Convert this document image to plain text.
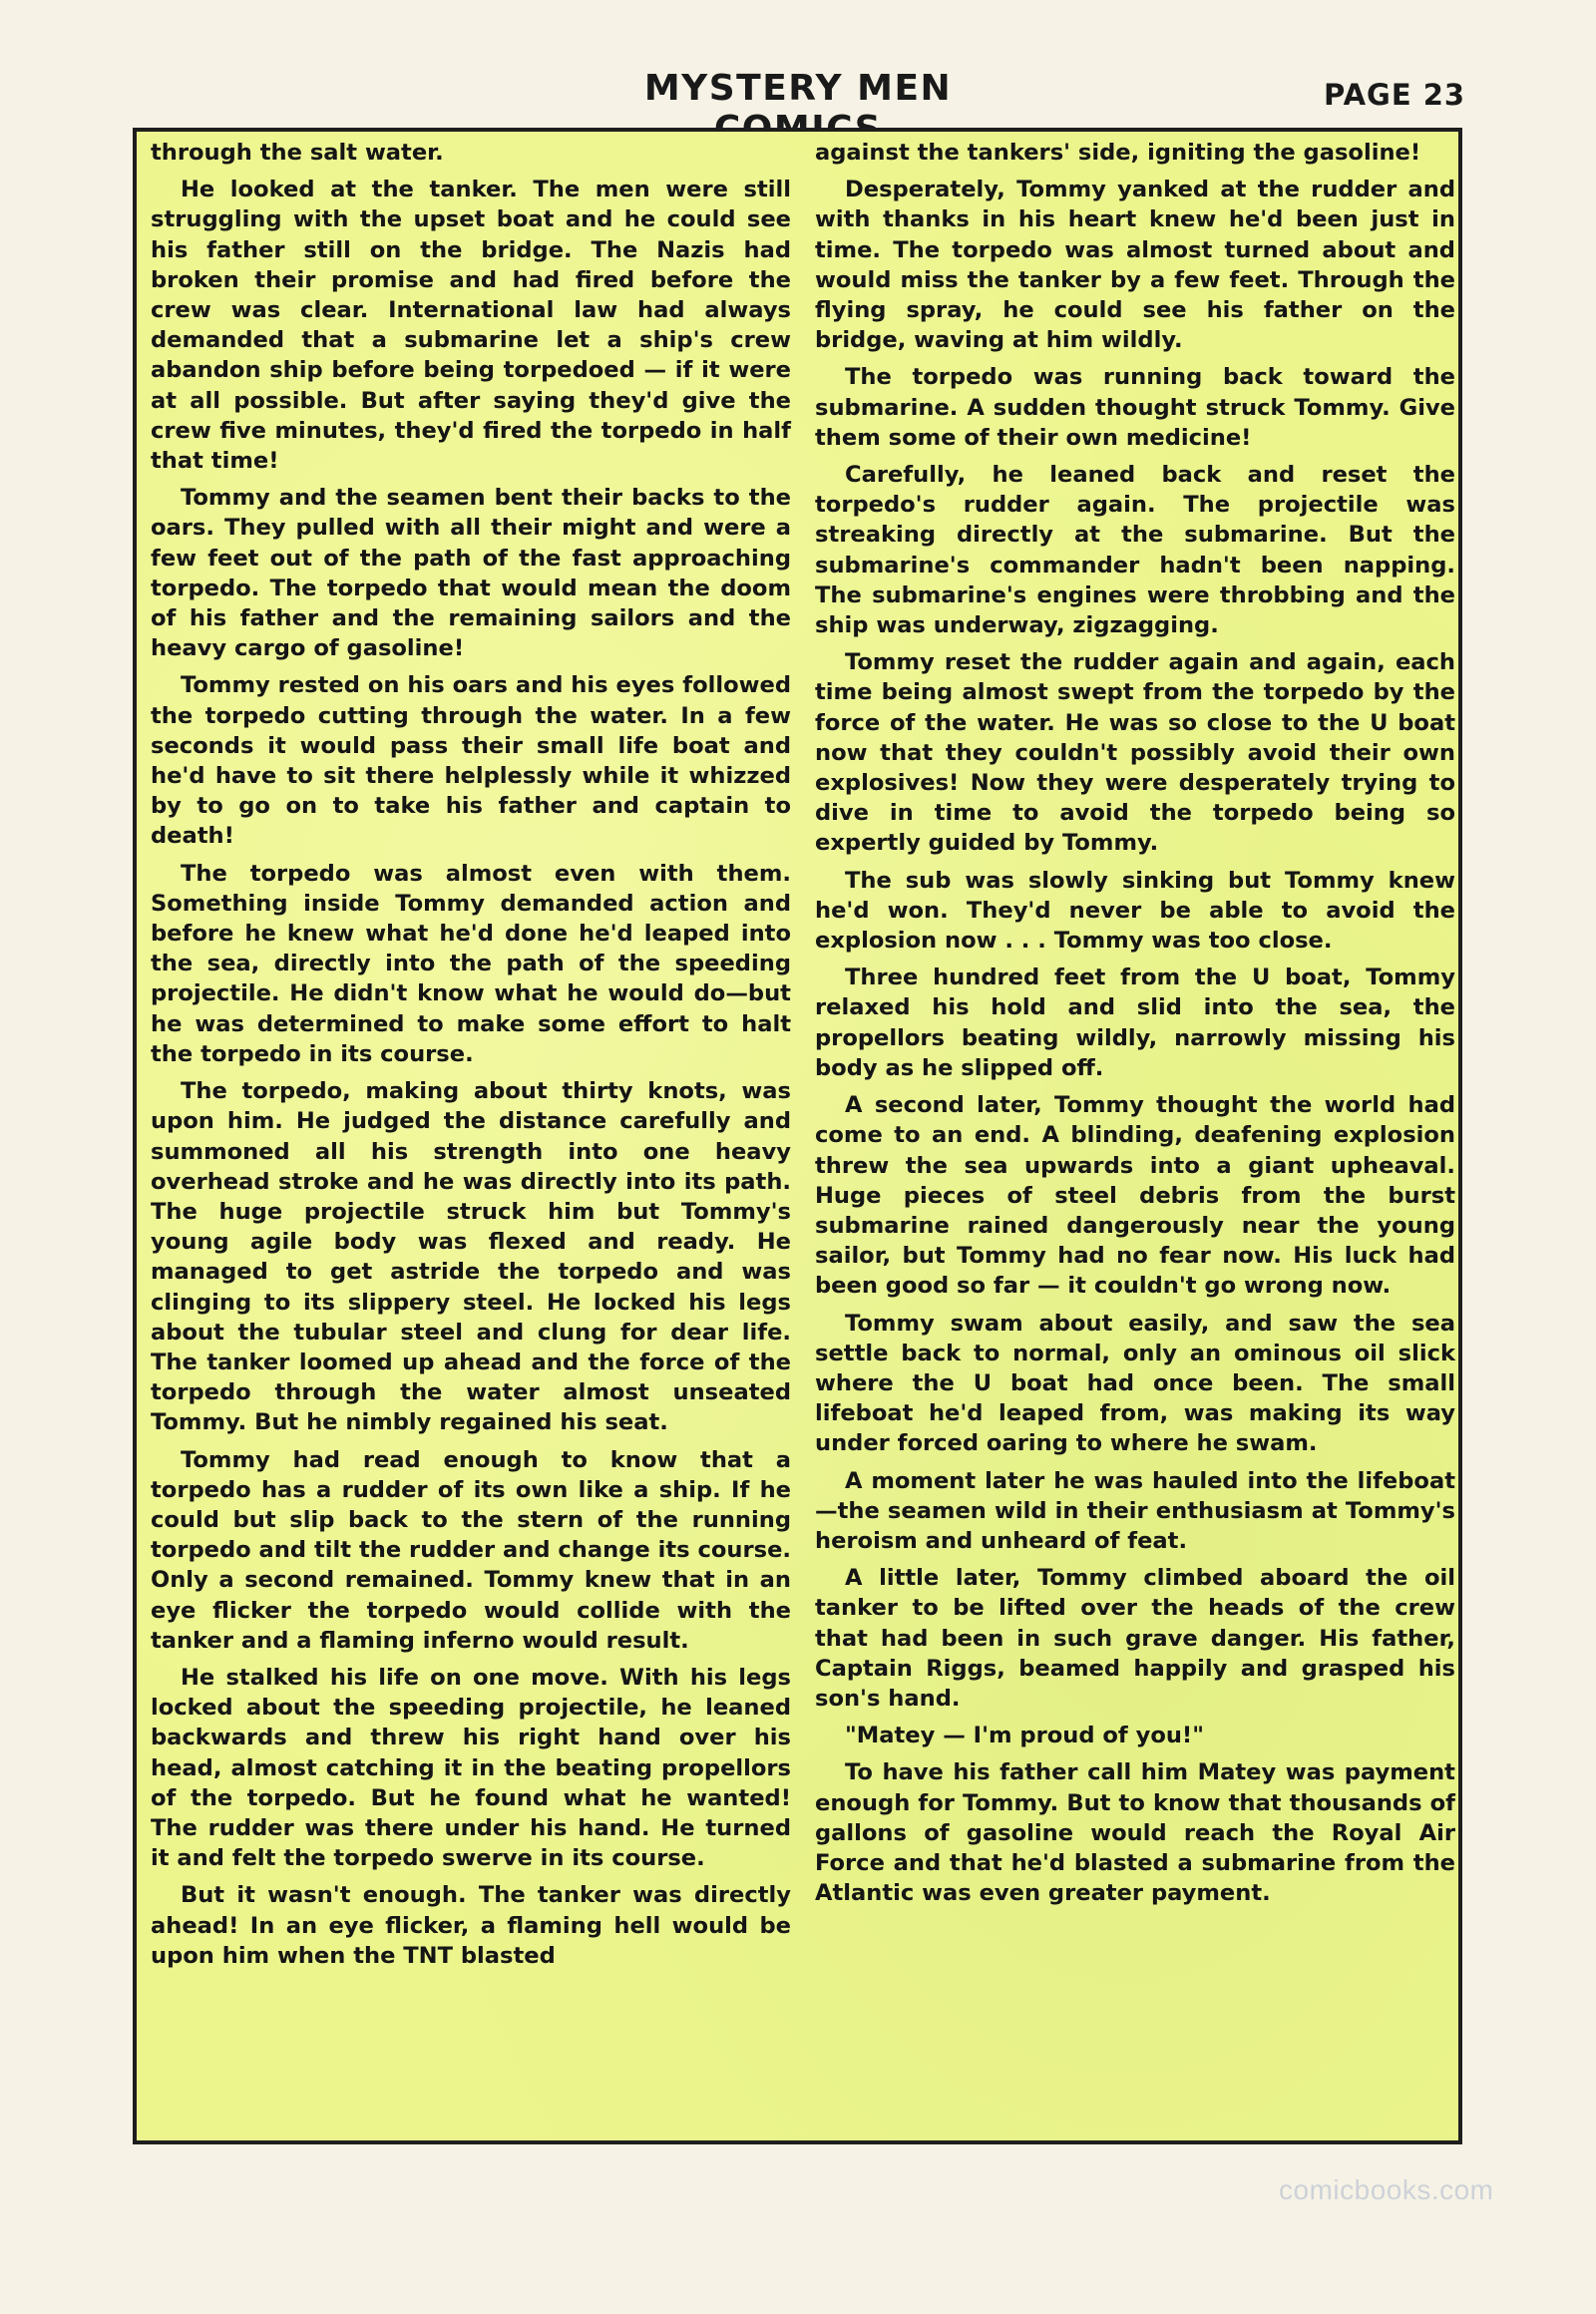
MYSTERY MEN	PAGE 23

through the salt water.

He looked at the tanker. The men were still struggling with the upset boat and he could see his father still on the bridge. The Nazis had broken their promise and had fired before the crew was clear. International law had always demanded that a submarine let a ship's crew abandon ship before being torpedoed — if it were at all possible. But after saying they'd give the crew five minutes, they'd fired the torpedo in half that time!

Tommy and the seamen bent their backs to the oars. They pulled with all their might and were a few feet out of the path of the fast approaching torpedo. The torpedo that would mean the doom of his father and the remaining sailors and the heavy cargo of gasoline!

Tommy rested on his oars and his eyes followed the torpedo cutting through the water. In a few seconds it would pass their small life boat and he'd have to sit there helplessly while it whizzed by to go on to take his father and captain to death!

The torpedo was almost even with them. Something inside Tommy demanded action and before he knew what he'd done he'd leaped into the sea, directly into the path of the speeding projectile. He didn't know what he would do—but he was determined to make some effort to halt the torpedo in its course.

The torpedo, making about thirty knots, was upon him. He judged the distance carefully and summoned all his strength into one heavy overhead stroke and he was directly into its path. The huge projectile struck him but Tommy's young agile body was flexed and ready. He managed to get astride the torpedo and was clinging to its slippery steel. He locked his legs about the tubular steel and clung for dear life. The tanker loomed up ahead and the force of the torpedo through the water almost unseated Tommy. But he nimbly regained his seat.

Tommy had read enough to know that a torpedo has a rudder of its own like a ship. If he could but slip back to the stern of the running torpedo and tilt the rudder and change its course. Only a second remained. Tommy knew that in an eye flicker the torpedo would collide with the tanker and a flaming inferno would result.

He stalked his life on one move. With his legs locked about the speeding projectile, he leaned backwards and threw his right hand over his head, almost catching it in the beating propellors of the torpedo. But he found what he wanted! The rudder was there under his hand. He turned it and felt the torpedo swerve in its course.

But it wasn't enough. The tanker was directly ahead! In an eye flicker, a flaming hell would be upon him when the TNT blasted

against the tankers' side, igniting the gasoline!

Desperately, Tommy yanked at the rudder and with thanks in his heart knew he'd been just in time. The torpedo was almost turned about and would miss the tanker by a few feet. Through the flying spray, he could see his father on the bridge, waving at him wildly.

The torpedo was running back toward the submarine. A sudden thought struck Tommy. Give them some of their own medicine!

Carefully, he leaned back and reset the torpedo's rudder again. The projectile was streaking directly at the submarine. But the submarine's commander hadn't been napping. The submarine's engines were throbbing and the ship was underway, zigzagging.

Tommy reset the rudder again and again, each time being almost swept from the torpedo by the force of the water. He was so close to the U boat now that they couldn't possibly avoid their own explosives! Now they were desperately trying to dive in time to avoid the torpedo being so expertly guided by Tommy.

The sub was slowly sinking but Tommy knew he'd won. They'd never be able to avoid the explosion now . . . Tommy was too close.

Three hundred feet from the U boat, Tommy relaxed his hold and slid into the sea, the propellors beating wildly, narrowly missing his body as he slipped off.

A second later, Tommy thought the world had come to an end. A blinding, deafening explosion threw the sea upwards into a giant upheaval. Huge pieces of steel debris from the burst submarine rained dangerously near the young sailor, but Tommy had no fear now. His luck had been good so far — it couldn't go wrong now.

Tommy swam about easily, and saw the sea settle back to normal, only an ominous oil slick where the U boat had once been. The small lifeboat he'd leaped from, was making its way under forced oaring to where he swam.

A moment later he was hauled into the lifeboat—the seamen wild in their enthusiasm at Tommy's heroism and unheard of feat.

A little later, Tommy climbed aboard the oil tanker to be lifted over the heads of the crew that had been in such grave danger. His father, Captain Riggs, beamed happily and grasped his son's hand.

"Matey — I'm proud of you!"

To have his father call him Matey was payment enough for Tommy. But to know that thousands of gallons of gasoline would reach the Royal Air Force and that he'd blasted a submarine from the Atlantic was even greater payment.

comicbooks.com
